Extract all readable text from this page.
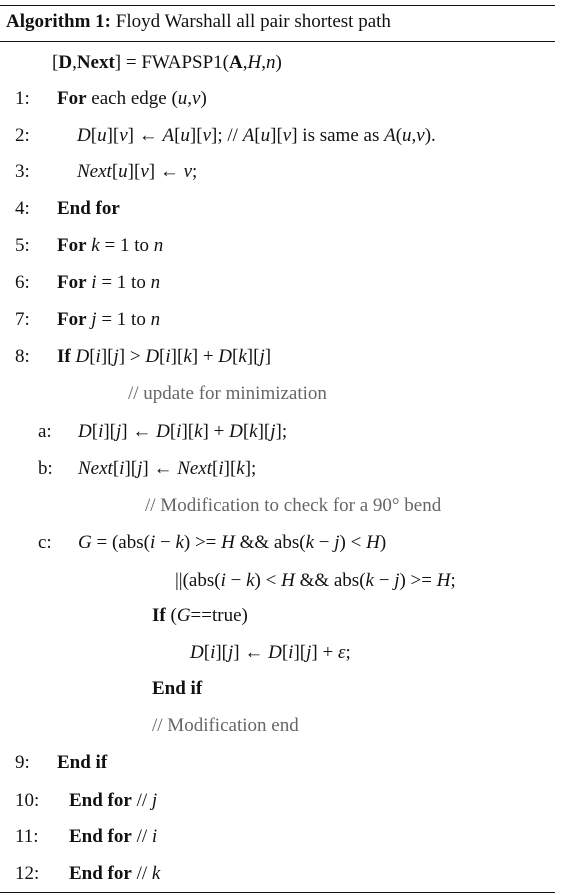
Algorithm 1: Floyd Warshall all pair shortest path
[D,Next] = FWAPSP1(A,H,n)
1: For each edge (u,v)
2: D[u][v] ← A[u][v]; // A[u][v] is same as A(u,v).
3: Next[u][v] ← v;
4: End for
5: For k = 1 to n
6: For i = 1 to n
7: For j = 1 to n
8: If D[i][j] > D[i][k] + D[k][j]
// update for minimization
a: D[i][j] ← D[i][k] + D[k][j];
b: Next[i][j] ← Next[i][k];
// Modification to check for a 90° bend
c: G = (abs(i − k) >= H && abs(k − j) < H)
||(abs(i − k) < H && abs(k − j) >= H;
If (G==true)
D[i][j] ← D[i][j] + ε;
End if
// Modification end
9: End if
10: End for // j
11: End for // i
12: End for // k
